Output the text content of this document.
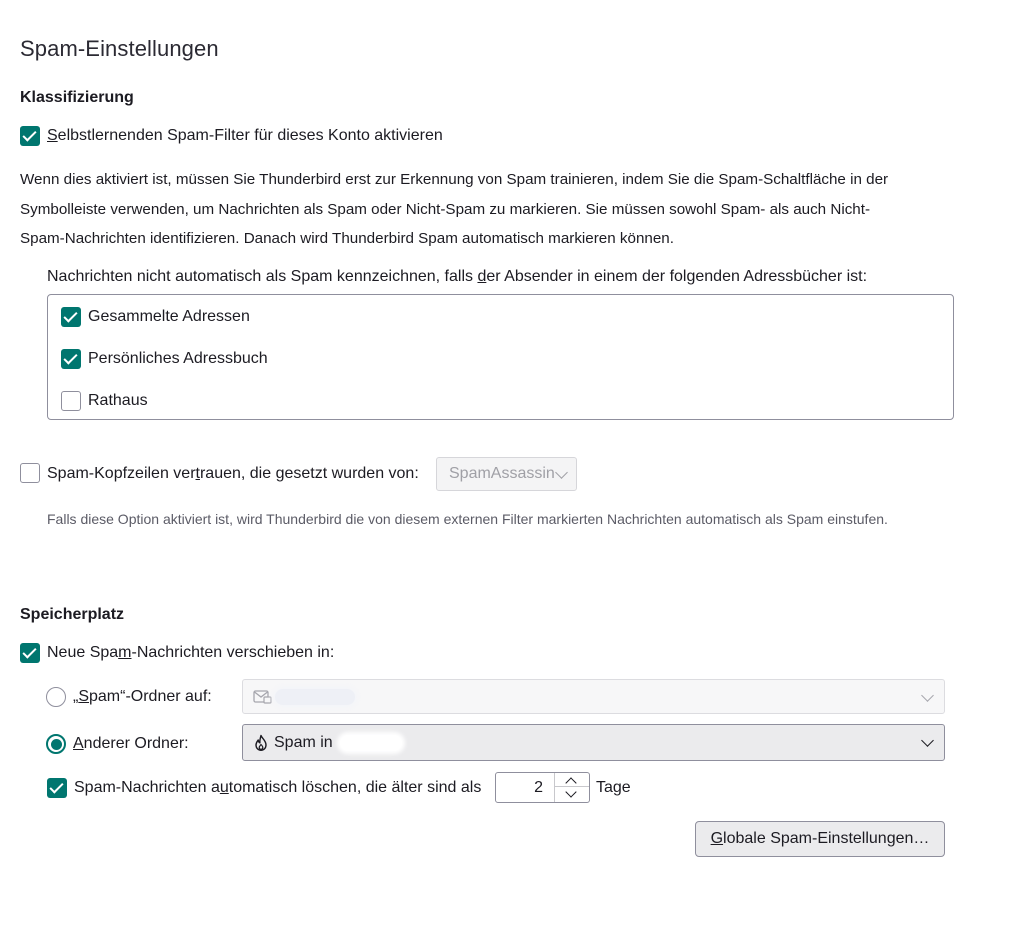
Spam-Einstellungen
Klassifizierung
Selbstlernenden Spam-Filter für dieses Konto aktivieren
Wenn dies aktiviert ist, müssen Sie Thunderbird erst zur Erkennung von Spam trainieren, indem Sie die Spam-Schaltfläche in der
Symbolleiste verwenden, um Nachrichten als Spam oder Nicht-Spam zu markieren. Sie müssen sowohl Spam- als auch Nicht-
Spam-Nachrichten identifizieren. Danach wird Thunderbird Spam automatisch markieren können.
Nachrichten nicht automatisch als Spam kennzeichnen, falls der Absender in einem der folgenden Adressbücher ist:
Gesammelte Adressen
Persönliches Adressbuch
Rathaus
Spam-Kopfzeilen vertrauen, die gesetzt wurden von:	SpamAssassin
Falls diese Option aktiviert ist, wird Thunderbird die von diesem externen Filter markierten Nachrichten automatisch als Spam einstufen.
Speicherplatz
Neue Spam-Nachrichten verschieben in:
„Spam“-Ordner auf:
Anderer Ordner:	Spam in
Spam-Nachrichten automatisch löschen, die älter sind als	2	Tage
Globale Spam-Einstellungen…
